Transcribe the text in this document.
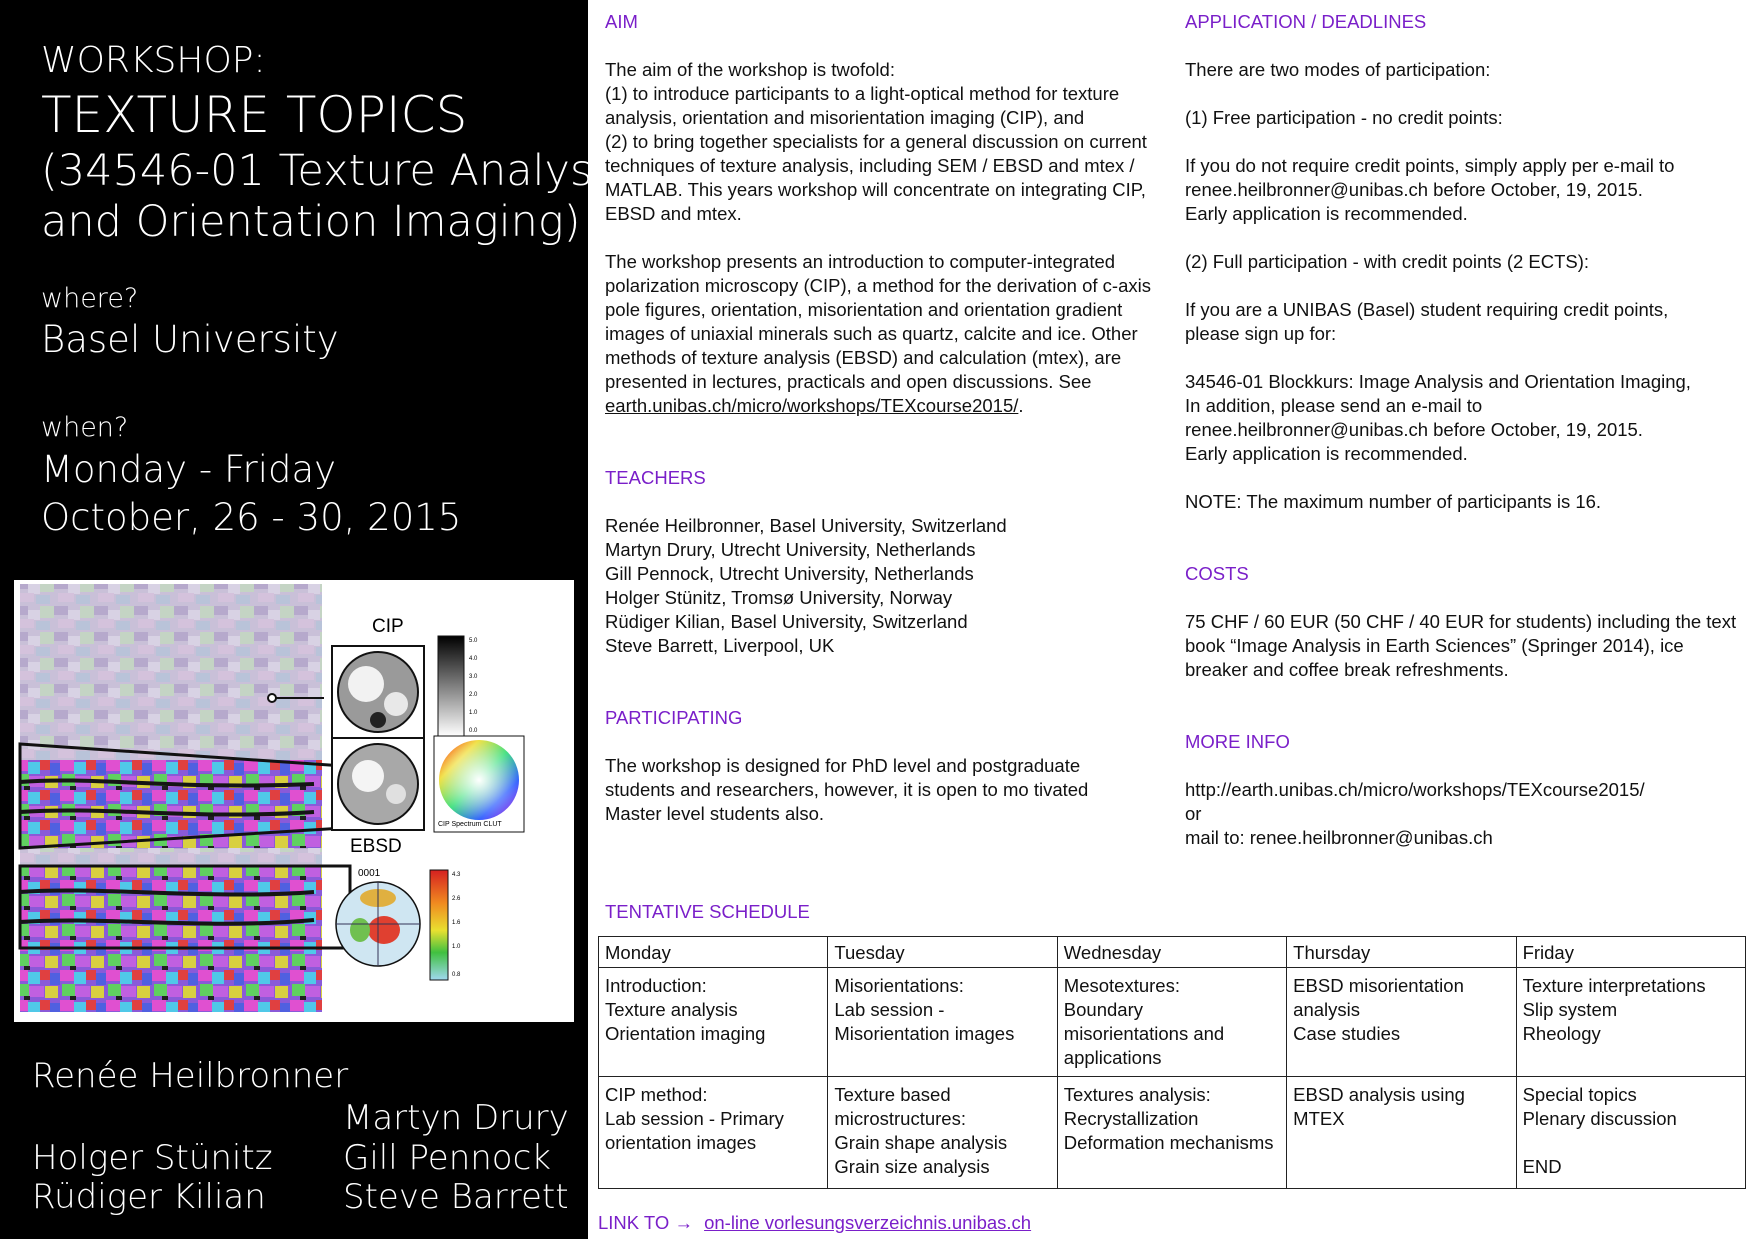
WORKSHOP:
TEXTURE TOPICS
(34546-01 Texture Analysis
and Orientation Imaging)
where?
Basel University
when?
Monday - Friday
October, 26 - 30, 2015
CIP
5.0
4.0
3.0
2.0
1.0
0.0
CIP Spectrum CLUT
EBSD
0001	4.3
2.6
1.6
1.0
0.8
Renée Heilbronner
Martyn Drury
Holger Stünitz Gill Pennock
Rüdiger Kilian Steve Barrett
AIM

The aim of the workshop is twofold:

(1) to introduce participants to a light-optical method for texture analysis, orientation and misorientation imaging (CIP), and

(2) to bring together specialists for a general discussion on current techniques of texture analysis, including SEM / EBSD and mtex / MATLAB. This years workshop will concentrate on integrating CIP, EBSD and mtex.

The workshop presents an introduction to computer-integrated polarization microscopy (CIP), a method for the derivation of c-axis pole figures, orientation, misorientation and orientation gradient images of uniaxial minerals such as quartz, calcite and ice. Other methods of texture analysis (EBSD) and calculation (mtex), are presented in lectures, practicals and open discussions. See earth.unibas.ch/micro/workshops/TEXcourse2015/.

TEACHERS

Renée Heilbronner, Basel University, Switzerland

Martyn Drury, Utrecht University, Netherlands

Gill Pennock, Utrecht University, Netherlands

Holger Stünitz, Tromsø University, Norway

Rüdiger Kilian, Basel University, Switzerland

Steve Barrett, Liverpool, UK

PARTICIPATING

The workshop is designed for PhD level and postgraduate students and researchers, however, it is open to mo tivated Master level students also.

APPLICATION / DEADLINES

There are two modes of participation:

(1) Free participation - no credit points:

If you do not require credit points, simply apply per e-mail to

renee.heilbronner@unibas.ch before October, 19, 2015.

Early application is recommended.

(2) Full participation - with credit points (2 ECTS):

If you are a UNIBAS (Basel) student requiring credit points,

please sign up for:

34546-01 Blockkurs: Image Analysis and Orientation Imaging,

In addition, please send an e-mail to

renee.heilbronner@unibas.ch before October, 19, 2015.

Early application is recommended.

NOTE: The maximum number of participants is 16.

COSTS

75 CHF / 60 EUR (50 CHF / 40 EUR for students) including the text book “Image Analysis in Earth Sciences” (Springer 2014), ice breaker and coffee break refreshments.

MORE INFO

http://earth.unibas.ch/micro/workshops/TEXcourse2015/

or

mail to: renee.heilbronner@unibas.ch

TENTATIVE SCHEDULE
Monday	Tuesday	Wednesday	Thursday	Friday

Introduction:
Texture analysis
Orientation imaging	Misorientations:
Lab session -
Misorientation images	Mesotextures:
Boundary
misorientations and
applications	EBSD misorientation
analysis
Case studies	Texture interpretations
Slip system
Rheology

CIP method:
Lab session - Primary
orientation images	Texture based
microstructures:
Grain shape analysis
Grain size analysis	Textures analysis:
Recrystallization
Deformation mechanisms	EBSD analysis using
MTEX	Special topics
Plenary discussion
END
LINK TO → on-line vorlesungsverzeichnis.unibas.ch
